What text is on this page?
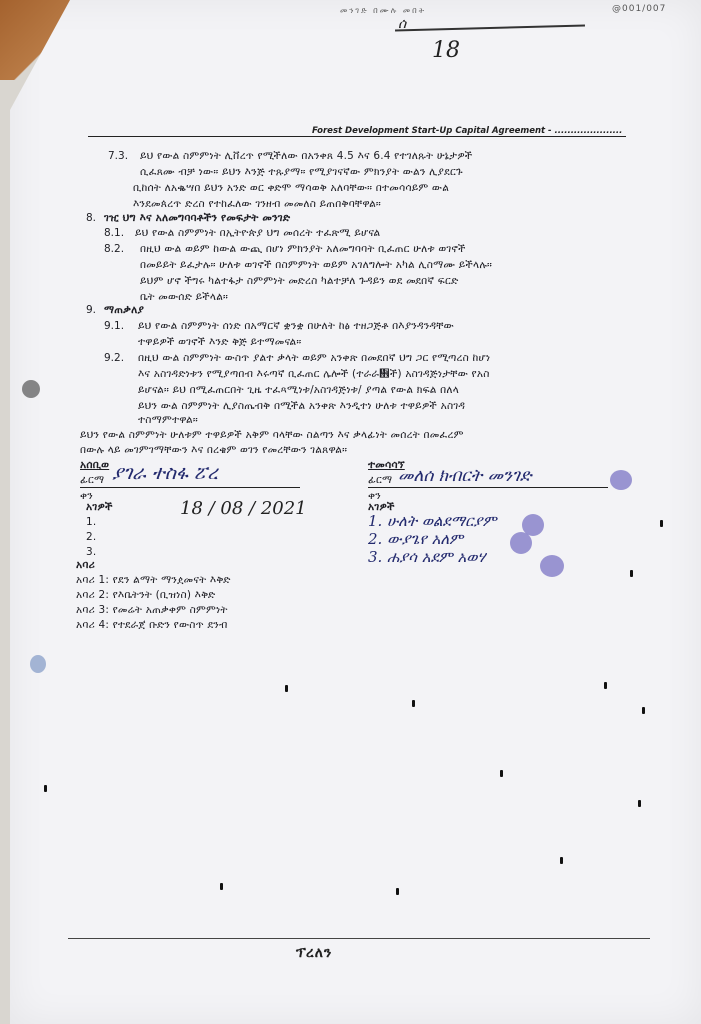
መንገድ በሙሉ መበት	@001/007
ሰ
18
Forest Development Start-Up Capital Agreement - .....................
7.3. ይህ የውል ስምምነት ሊቨረጥ የሚችለው በአንቀጸ 4.5 እና 6.4 የተገለጹት ሁኔታዎች
ሲፈጸሙ ብቻ ነው። ይህን እንጅ ተጹያማ። የሚያገናኛው ምክንያት ውልን ሊያደርጉ
ቢከሰት ለአቈሣበ ይህን አንድ ወር ቀድሞ ማሳወቅ አለባቸው። በተመሳሳይም ውል
እንደመጰረጥ ድረስ የተከፈለው ገንዘብ መመለስ ይጠበቅባቸዋል።
8. ገዢ ህግ እና አለመግባባቶችን የመፍታት መንገድ
8.1. ይህ የውል ስምምነት በኢትዮጵያ ህግ መሰረት ተፈጽሚ ይሆናል
8.2. በዚህ ውል ወይም ከውል ውጪ በሆነ ምክንያት አለመግባባት ቢፈጠር ሁለቱ ወገኖች
በመይይት ይፈታሉ። ሁለቱ ወገኖች በስምምነት ወይም አገለግሎት አካል ሊስማሙ ይችላሉ።
ይህም ሆኖ ችግሩ ካልተፋታ ስምምነት መድረስ ካልተቻለ ጉዳይን ወደ መደበኛ ፍርድ
ቤት መውሰድ ይችላል።
9. ማጠቃለያ
9.1. ይህ የውል ስምምነት ሰነድ በአማርኛ ቋንቋ በሁለት ከፅ ተዘጋጅቶ በእያንዳንዳቸው
ተዋይዎች ወገኖች እንድ ቅጅ ይተማመናል።
9.2. በዚህ ውል ስምምነት ውስጥ ያልተ ቃላት ወይም አንቀጽ በመደበኛ ህግ ጋር የሚጣረስ ከሆነ
እና አስገዳድነቱን የሚያጣበብ እሩጣኛ ቢፈጠር ሌሎች (ተራራ኎ች) አስገዳጅነታቸው የአስ
ይሆናል። ይህ በሚፈጠርበት ጊዜ ተፈጻሚነቱ/አስገዳጅነቱ/ ያጣል የውል ክፍል በለላ
ይህን ውል ስምምነት ሊያስጤብቅ በሚችል አንቀጽ እንዲተነ ሁለቱ ተዋይዎች አስገዳ
ተስማምተዋል።
ይህን የውል ስምምነት ሁለቱም ተዋይዎች አቅም ባላቸው ስልጣን እና ቃላፊነት መሰረት በመፈረም
በውሉ ላይ መገምገማቸውን እና በረቄም ወገን የመረቸውን ገልጸዋል።
አሰቢወ
ፊርማ ያገራ ተስፋ ፘረ
ቀን
18 / 08 / 2021
አገዎች
1.
2.
3.
ተመሳሳኘ
ፊርማ መለሰ ክብርት መንገድ
ቀን
አገዎች
1. ሁለት ወልደማርያም
2. ውያጌየ አለም
3. ሐያሳ አደም አወሃ
አባሪ
አባሪ 1: የደን ልማት ማንዸመናት እቅድ
አባሪ 2: የእቤትንት (ቢዝነስ) እቅድ
አባሪ 3: የመሬት አጠቃቀም ስምምነት
አባሪ 4: የተደራጀ ቡድን የውስጥ ደንብ
ፕረለን
